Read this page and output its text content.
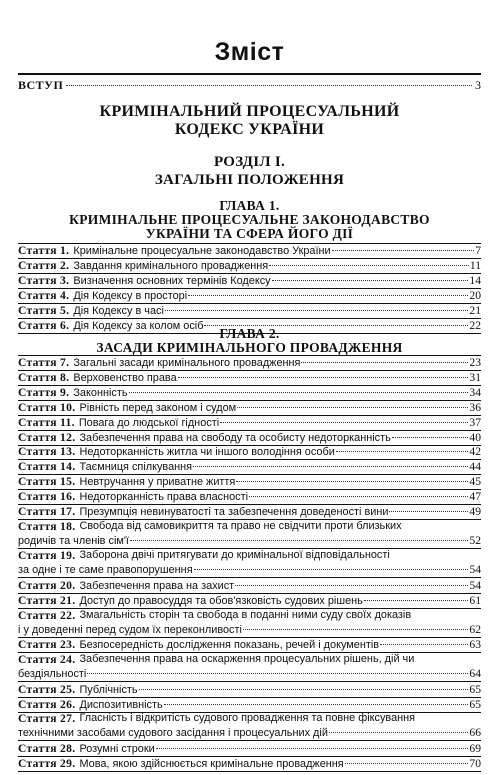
Зміст
ВСТУП	3
КРИМІНАЛЬНИЙ ПРОЦЕСУАЛЬНИЙ
КОДЕКС УКРАЇНИ
РОЗДІЛ І.
ЗАГАЛЬНІ ПОЛОЖЕННЯ
ГЛАВА 1.
КРИМІНАЛЬНЕ ПРОЦЕСУАЛЬНЕ ЗАКОНОДАВСТВО
УКРАЇНИ ТА СФЕРА ЙОГО ДІЇ
Стаття 1. Кримінальне процесуальне законодавство України	7
Стаття 2. Завдання кримінального провадження	11
Стаття 3. Визначення основних термінів Кодексу	14
Стаття 4. Дія Кодексу в просторі	20
Стаття 5. Дія Кодексу в часі	21
Стаття 6. Дія Кодексу за колом осіб	22
ГЛАВА 2.
ЗАСАДИ КРИМІНАЛЬНОГО ПРОВАДЖЕННЯ
Стаття 7. Загальні засади кримінального провадження	23
Стаття 8. Верховенство права	31
Стаття 9. Законність	34
Стаття 10. Рівність перед законом і судом	36
Стаття 11. Повага до людської гідності	37
Стаття 12. Забезпечення права на свободу та особисту недоторканність	40
Стаття 13. Недоторканність житла чи іншого володіння особи	42
Стаття 14. Таємниця спілкування	44
Стаття 15. Невтручання у приватне життя	45
Стаття 16. Недоторканність права власності	47
Стаття 17. Презумпція невинуватості та забезпечення доведеності вини	49
Стаття 18. Свобода від самовикриття та право не свідчити проти близьких
родичів та членів сім'ї	52
Стаття 19. Заборона двічі притягувати до кримінальної відповідальності
за одне і те саме правопорушення	54
Стаття 20. Забезпечення права на захист	54
Стаття 21. Доступ до правосуддя та обов'язковість судових рішень	61
Стаття 22. Змагальність сторін та свобода в поданні ними суду своїх доказів
і у доведенні перед судом їх переконливості	62
Стаття 23. Безпосередність дослідження показань, речей і документів	63
Стаття 24. Забезпечення права на оскарження процесуальних рішень, дій чи
бездіяльності	64
Стаття 25. Публічність	65
Стаття 26. Диспозитивність	65
Стаття 27. Гласність і відкритість судового провадження та повне фіксування
технічними засобами судового засідання і процесуальних дій	66
Стаття 28. Розумні строки	69
Стаття 29. Мова, якою здійснюється кримінальне провадження	70
